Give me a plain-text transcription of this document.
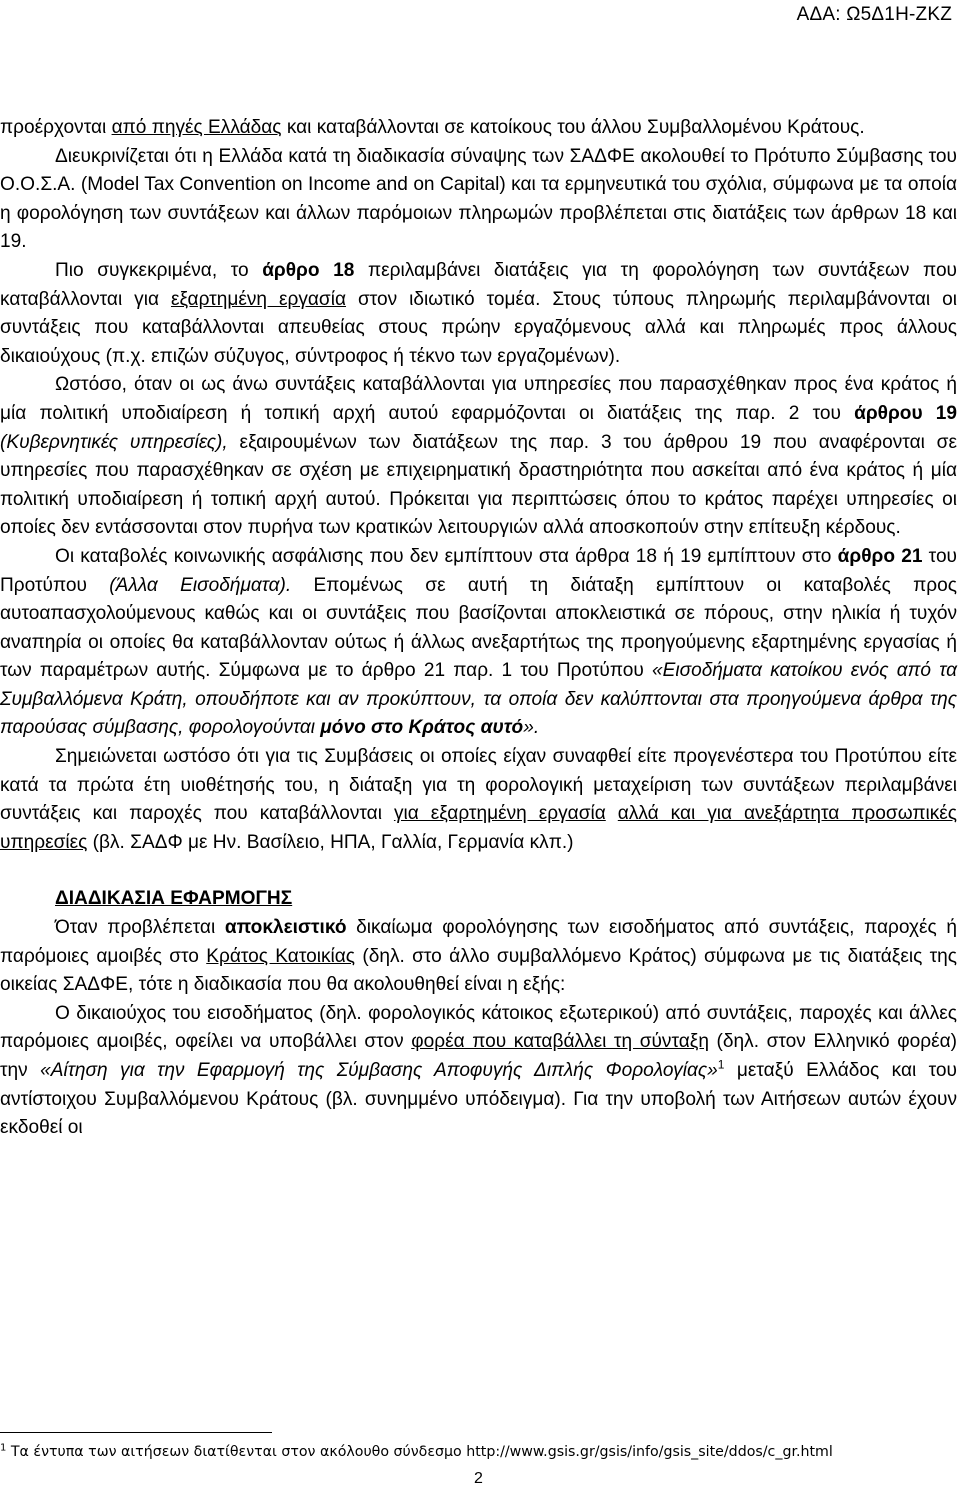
ΑΔΑ: Ω5Δ1Η-ΖΚΖ

προέρχονται από πηγές Ελλάδας και καταβάλλονται σε κατοίκους του άλλου Συμβαλλομένου Κράτους.

Διευκρινίζεται ότι η Ελλάδα κατά τη διαδικασία σύναψης των ΣΑΔΦΕ ακολουθεί το Πρότυπο Σύμβασης του Ο.Ο.Σ.Α. (Model Tax Convention on Income and on Capital) και τα ερμηνευτικά του σχόλια, σύμφωνα με τα οποία η φορολόγηση των συντάξεων και άλλων παρόμοιων πληρωμών προβλέπεται στις διατάξεις των άρθρων 18 και 19.

Πιο συγκεκριμένα, το άρθρο 18 περιλαμβάνει διατάξεις για τη φορολόγηση των συντάξεων που καταβάλλονται για εξαρτημένη εργασία στον ιδιωτικό τομέα. Στους τύπους πληρωμής περιλαμβάνονται οι συντάξεις που καταβάλλονται απευθείας στους πρώην εργαζόμενους αλλά και πληρωμές προς άλλους δικαιούχους (π.χ. επιζών σύζυγος, σύντροφος ή τέκνο των εργαζομένων).

Ωστόσο, όταν οι ως άνω συντάξεις καταβάλλονται για υπηρεσίες που παρασχέθηκαν προς ένα κράτος ή μία πολιτική υποδιαίρεση ή τοπική αρχή αυτού εφαρμόζονται οι διατάξεις της παρ. 2 του άρθρου 19 (Κυβερνητικές υπηρεσίες), εξαιρουμένων των διατάξεων της παρ. 3 του άρθρου 19 που αναφέρονται σε υπηρεσίες που παρασχέθηκαν σε σχέση με επιχειρηματική δραστηριότητα που ασκείται από ένα κράτος ή μία πολιτική υποδιαίρεση ή τοπική αρχή αυτού. Πρόκειται για περιπτώσεις όπου το κράτος παρέχει υπηρεσίες οι οποίες δεν εντάσσονται στον πυρήνα των κρατικών λειτουργιών αλλά αποσκοπούν στην επίτευξη κέρδους.

Οι καταβολές κοινωνικής ασφάλισης που δεν εμπίπτουν στα άρθρα 18 ή 19 εμπίπτουν στο άρθρο 21 του Προτύπου (Άλλα Εισοδήματα). Επομένως σε αυτή τη διάταξη εμπίπτουν οι καταβολές προς αυτοαπασχολούμενους καθώς και οι συντάξεις που βασίζονται αποκλειστικά σε πόρους, στην ηλικία ή τυχόν αναπηρία οι οποίες θα καταβάλλονταν ούτως ή άλλως ανεξαρτήτως της προηγούμενης εξαρτημένης εργασίας ή των παραμέτρων αυτής. Σύμφωνα με το άρθρο 21 παρ. 1 του Προτύπου «Εισοδήματα κατοίκου ενός από τα Συμβαλλόμενα Κράτη, οπουδήποτε και αν προκύπτουν, τα οποία δεν καλύπτονται στα προηγούμενα άρθρα της παρούσας σύμβασης, φορολογούνται μόνο στο Κράτος αυτό».

Σημειώνεται ωστόσο ότι για τις Συμβάσεις οι οποίες είχαν συναφθεί είτε προγενέστερα του Προτύπου είτε κατά τα πρώτα έτη υιοθέτησής του, η διάταξη για τη φορολογική μεταχείριση των συντάξεων περιλαμβάνει συντάξεις και παροχές που καταβάλλονται για εξαρτημένη εργασία αλλά και για ανεξάρτητα προσωπικές υπηρεσίες (βλ. ΣΑΔΦ με Ην. Βασίλειο, ΗΠΑ, Γαλλία, Γερμανία κλπ.)

ΔΙΑΔΙΚΑΣΙΑ ΕΦΑΡΜΟΓΗΣ

Όταν προβλέπεται αποκλειστικό δικαίωμα φορολόγησης των εισοδήματος από συντάξεις, παροχές ή παρόμοιες αμοιβές στο Κράτος Κατοικίας (δηλ. στο άλλο συμβαλλόμενο Κράτος) σύμφωνα με τις διατάξεις της οικείας ΣΑΔΦΕ, τότε η διαδικασία που θα ακολουθηθεί είναι η εξής:

Ο δικαιούχος του εισοδήματος (δηλ. φορολογικός κάτοικος εξωτερικού) από συντάξεις, παροχές και άλλες παρόμοιες αμοιβές, οφείλει να υποβάλλει στον φορέα που καταβάλλει τη σύνταξη (δηλ. στον Ελληνικό φορέα) την «Αίτηση για την Εφαρμογή της Σύμβασης Αποφυγής Διπλής Φορολογίας»$^1$ μεταξύ Ελλάδος και του αντίστοιχου Συμβαλλόμενου Κράτους (βλ. συνημμένο υπόδειγμα). Για την υποβολή των Αιτήσεων αυτών έχουν εκδοθεί οι

$^1$ Τα έντυπα των αιτήσεων διατίθενται στον ακόλουθο σύνδεσμο http://www.gsis.gr/gsis/info/gsis_site/ddos/c_gr.html
2
